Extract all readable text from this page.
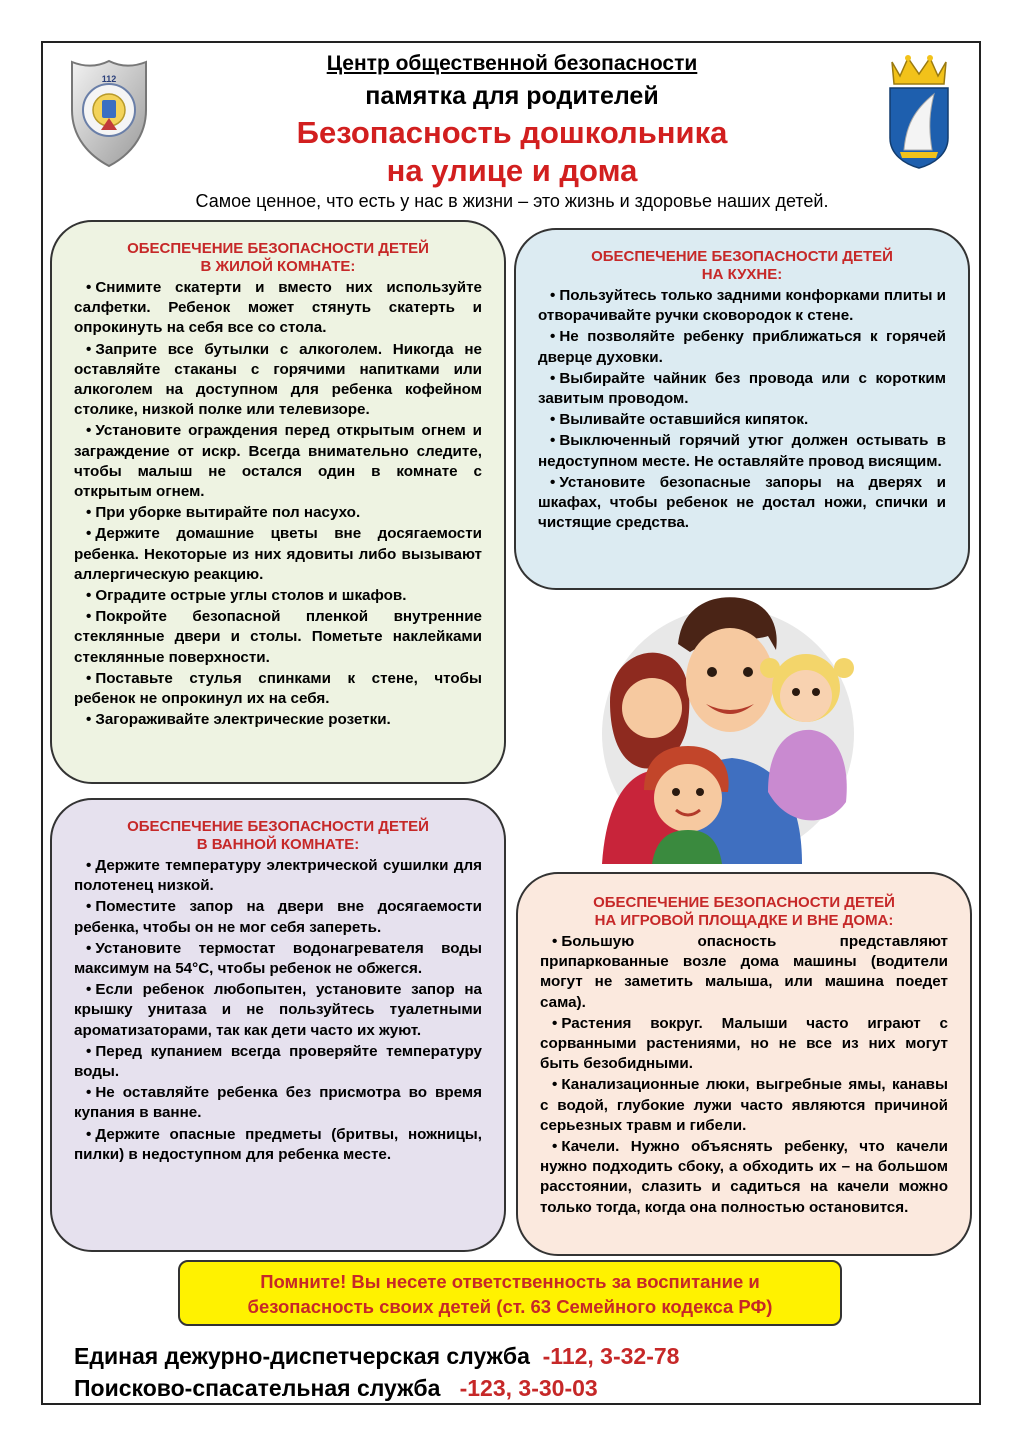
112
Центр общественной безопасности
памятка для родителей
Безопасность дошкольника
на улице и дома
Самое ценное, что есть у нас в жизни – это жизнь и здоровье наших детей.
ОБЕСПЕЧЕНИЕ БЕЗОПАСНОСТИ ДЕТЕЙ
В ЖИЛОЙ КОМНАТЕ:
• Снимите скатерти и вместо них используйте салфетки. Ребенок может стянуть скатерть и опрокинуть на себя все со стола.
• Заприте все бутылки с алкоголем. Никогда не оставляйте стаканы с горячими напитками или алкоголем на доступном для ребенка кофейном столике, низкой полке или телевизоре.
• Установите ограждения перед открытым огнем и заграждение от искр. Всегда внимательно следите, чтобы малыш не остался один в комнате с открытым огнем.
• При уборке вытирайте пол насухо.
• Держите домашние цветы вне досягаемости ребенка. Некоторые из них ядовиты либо вызывают аллергическую реакцию.
• Оградите острые углы столов и шкафов.
• Покройте безопасной пленкой внутренние стеклянные двери и столы. Пометьте наклейками стеклянные поверхности.
• Поставьте стулья спинками к стене, чтобы ребенок не опрокинул их на себя.
• Загораживайте электрические розетки.
ОБЕСПЕЧЕНИЕ БЕЗОПАСНОСТИ ДЕТЕЙ
НА КУХНЕ:
• Пользуйтесь только задними конфорками плиты и отворачивайте ручки сковородок к стене.
• Не позволяйте ребенку приближаться к горячей дверце духовки.
• Выбирайте чайник без провода или с коротким завитым проводом.
• Выливайте оставшийся кипяток.
• Выключенный горячий утюг должен остывать в недоступном месте. Не оставляйте провод висящим.
• Установите безопасные запоры на дверях и шкафах, чтобы ребенок не достал ножи, спички и чистящие средства.
ОБЕСПЕЧЕНИЕ БЕЗОПАСНОСТИ ДЕТЕЙ
В ВАННОЙ КОМНАТЕ:
• Держите температуру электрической сушилки для полотенец низкой.
• Поместите запор на двери вне досягаемости ребенка, чтобы он не мог себя запереть.
• Установите термостат водонагревателя воды максимум на 54°С, чтобы ребенок не обжегся.
• Если ребенок любопытен, установите запор на крышку унитаза и не пользуйтесь туалетными ароматизаторами, так как дети часто их жуют.
• Перед купанием всегда проверяйте температуру воды.
• Не оставляйте ребенка без присмотра во время купания в ванне.
• Держите опасные предметы (бритвы, ножницы, пилки) в недоступном для ребенка месте.
ОБЕСПЕЧЕНИЕ БЕЗОПАСНОСТИ ДЕТЕЙ
НА ИГРОВОЙ ПЛОЩАДКЕ И ВНЕ ДОМА:
• Большую опасность представляют припаркованные возле дома машины (водители могут не заметить малыша, или машина поедет сама).
• Растения вокруг. Малыши часто играют с сорванными растениями, но не все из них могут быть безобидными.
• Канализационные люки, выгребные ямы, канавы с водой, глубокие лужи часто являются причиной серьезных травм и гибели.
• Качели. Нужно объяснять ребенку, что качели нужно подходить сбоку, а обходить их – на большом расстоянии, слазить и садиться на качели можно только тогда, когда она полностью остановится.
Помните! Вы несете ответственность за воспитание и
безопасность своих детей (ст. 63 Семейного кодекса РФ)
Единая дежурно-диспетчерская служба -112, 3-32-78
Поисково-спасательная служба -123, 3-30-03
